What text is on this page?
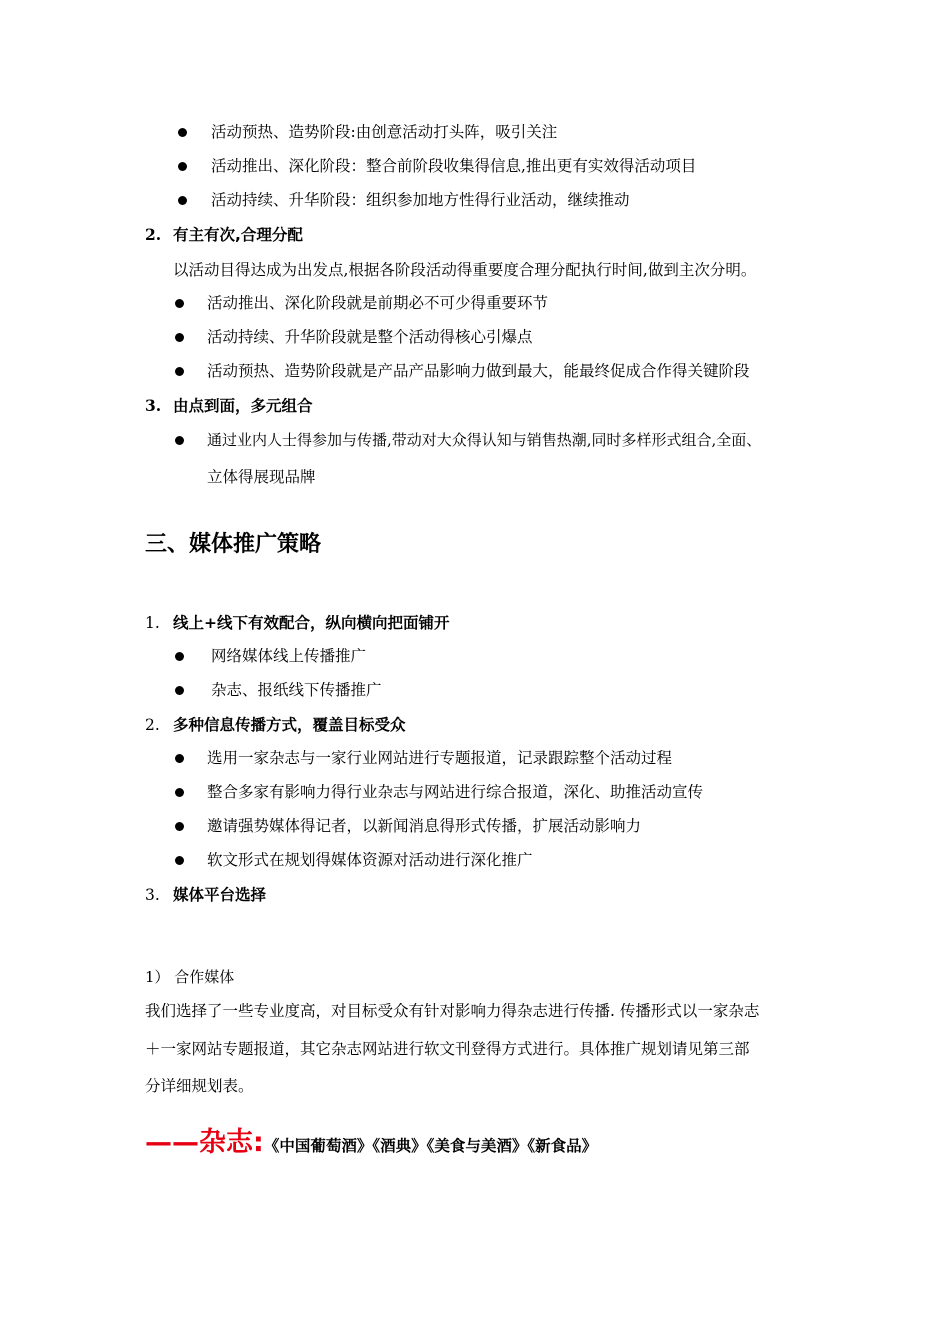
活动预热、造势阶段:由创意活动打头阵，吸引关注
活动推出、深化阶段：整合前阶段收集得信息,推出更有实效得活动项目
活动持续、升华阶段：组织参加地方性得行业活动，继续推动
2. 有主有次,合理分配
以活动目得达成为出发点,根据各阶段活动得重要度合理分配执行时间,做到主次分明。
活动推出、深化阶段就是前期必不可少得重要环节
活动持续、升华阶段就是整个活动得核心引爆点
活动预热、造势阶段就是产品产品影响力做到最大，能最终促成合作得关键阶段
3. 由点到面，多元组合
通过业内人士得参加与传播,带动对大众得认知与销售热潮,同时多样形式组合,全面、
立体得展现品牌
三、媒体推广策略
1. 线上+线下有效配合，纵向横向把面铺开
网络媒体线上传播推广
杂志、报纸线下传播推广
2. 多种信息传播方式，覆盖目标受众
选用一家杂志与一家行业网站进行专题报道，记录跟踪整个活动过程
整合多家有影响力得行业杂志与网站进行综合报道，深化、助推活动宣传
邀请强势媒体得记者，以新闻消息得形式传播，扩展活动影响力
软文形式在规划得媒体资源对活动进行深化推广
3. 媒体平台选择
1） 合作媒体
我们选择了一些专业度高，对目标受众有针对影响力得杂志进行传播. 传播形式以一家杂志
＋一家网站专题报道，其它杂志网站进行软文刊登得方式进行。具体推广规划请见第三部
分详细规划表。
——杂志:《中国葡萄酒》《酒典》《美食与美酒》《新食品》
